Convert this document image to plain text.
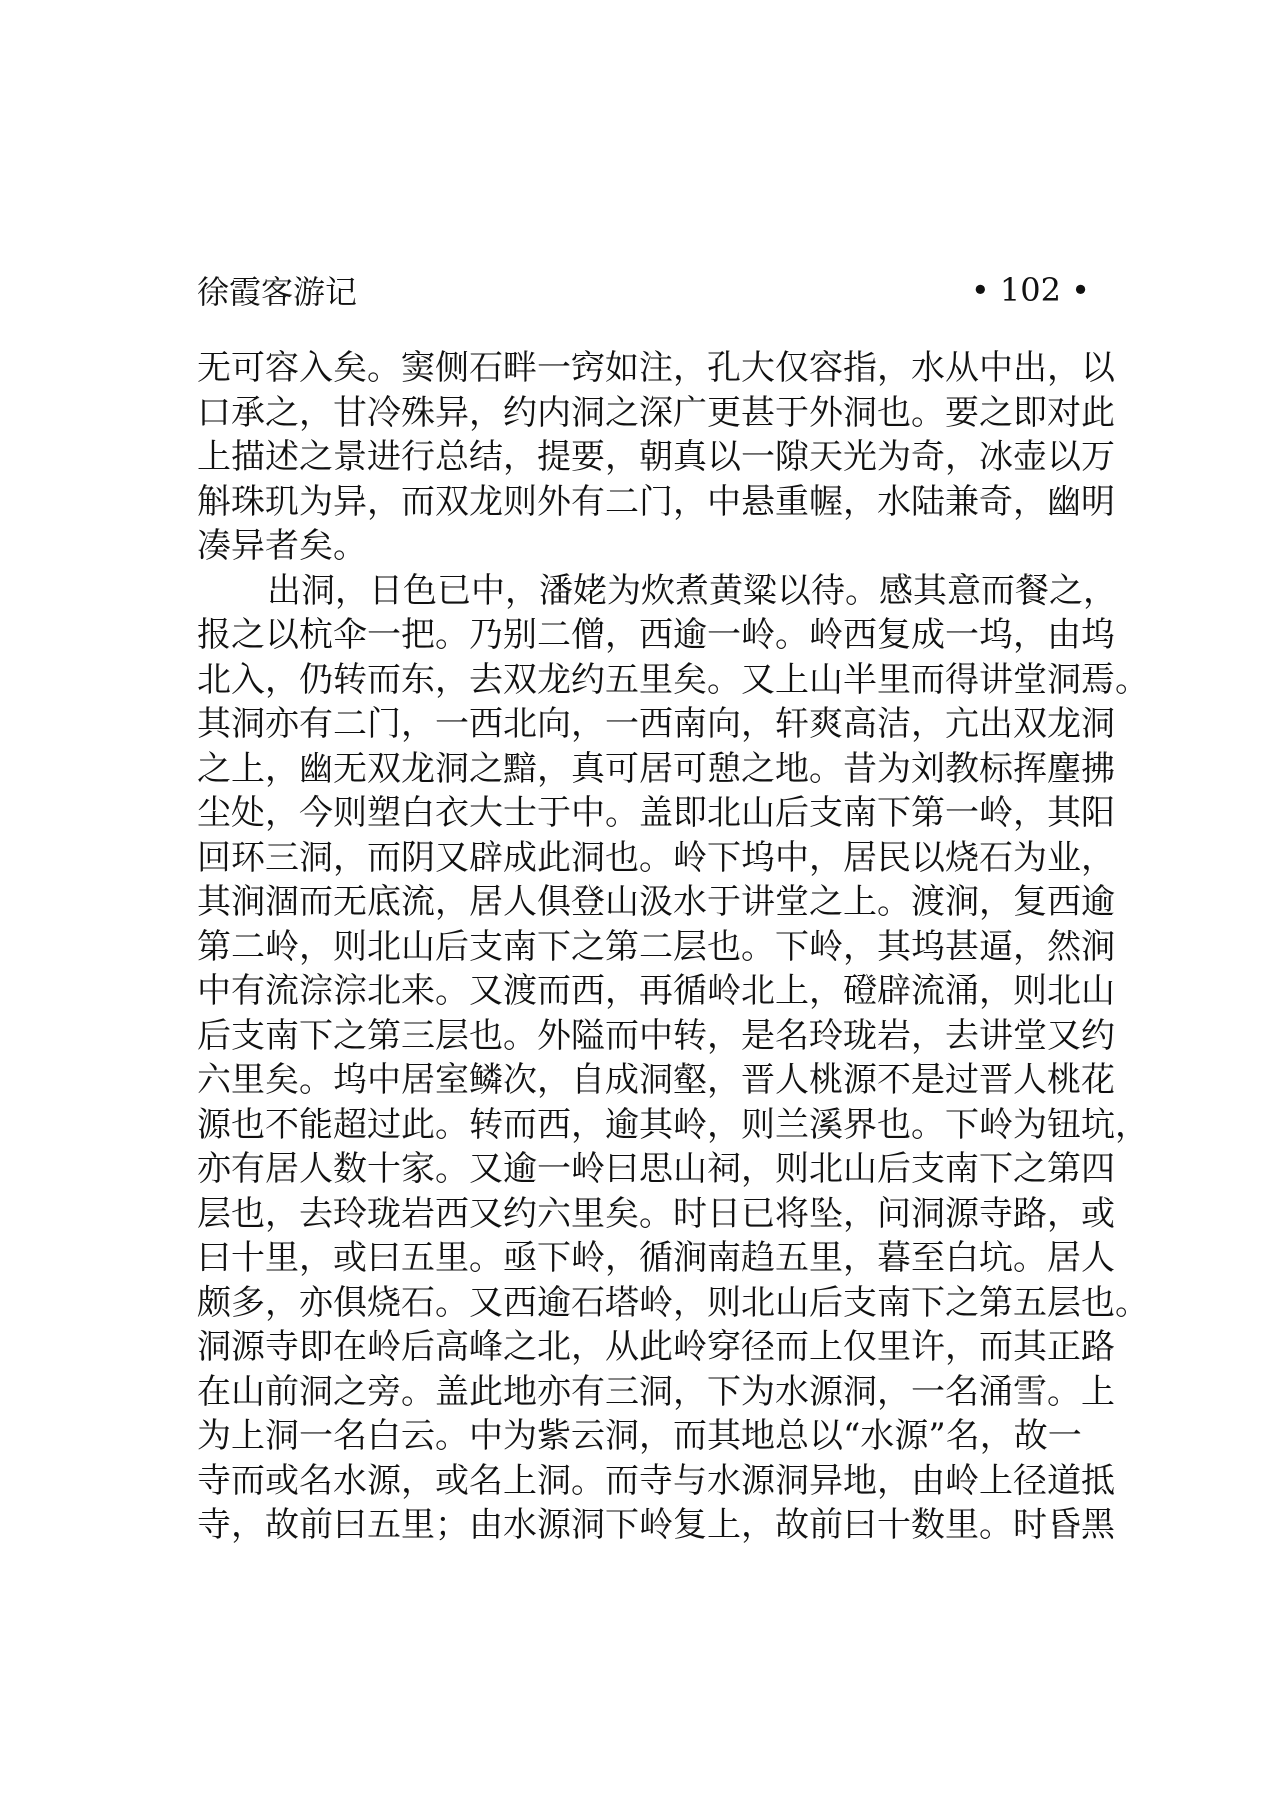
徐霞客游记	• 102 •
无可容入矣。窦侧石畔一窍如注，孔大仅容指，水从中出，以
口承之，甘冷殊异，约内洞之深广更甚于外洞也。要之即对此
上描述之景进行总结，提要，朝真以一隙天光为奇，冰壶以万
斛珠玑为异，而双龙则外有二门，中悬重幄，水陆兼奇，幽明
凑异者矣。
出洞，日色已中，潘姥为炊煮黄粱以待。感其意而餐之，
报之以杭伞一把。乃别二僧，西逾一岭。岭西复成一坞，由坞
北入，仍转而东，去双龙约五里矣。又上山半里而得讲堂洞焉。
其洞亦有二门，一西北向，一西南向，轩爽高洁，亢出双龙洞
之上，幽无双龙洞之黯，真可居可憩之地。昔为刘教标挥麈拂
尘处，今则塑白衣大士于中。盖即北山后支南下第一岭，其阳
回环三洞，而阴又辟成此洞也。岭下坞中，居民以烧石为业，
其涧涸而无底流，居人俱登山汲水于讲堂之上。渡涧，复西逾
第二岭，则北山后支南下之第二层也。下岭，其坞甚逼，然涧
中有流淙淙北来。又渡而西，再循岭北上，磴辟流涌，则北山
后支南下之第三层也。外隘而中转，是名玲珑岩，去讲堂又约
六里矣。坞中居室鳞次，自成洞壑，晋人桃源不是过晋人桃花
源也不能超过此。转而西，逾其岭，则兰溪界也。下岭为钮坑，
亦有居人数十家。又逾一岭曰思山祠，则北山后支南下之第四
层也，去玲珑岩西又约六里矣。时日已将坠，问洞源寺路，或
曰十里，或曰五里。亟下岭，循涧南趋五里，暮至白坑。居人
颇多，亦俱烧石。又西逾石塔岭，则北山后支南下之第五层也。
洞源寺即在岭后高峰之北，从此岭穿径而上仅里许，而其正路
在山前洞之旁。盖此地亦有三洞，下为水源洞，一名涌雪。上
为上洞一名白云。中为紫云洞，而其地总以“水源”名，故一
寺而或名水源，或名上洞。而寺与水源洞异地，由岭上径道抵
寺，故前曰五里；由水源洞下岭复上，故前曰十数里。时昏黑
